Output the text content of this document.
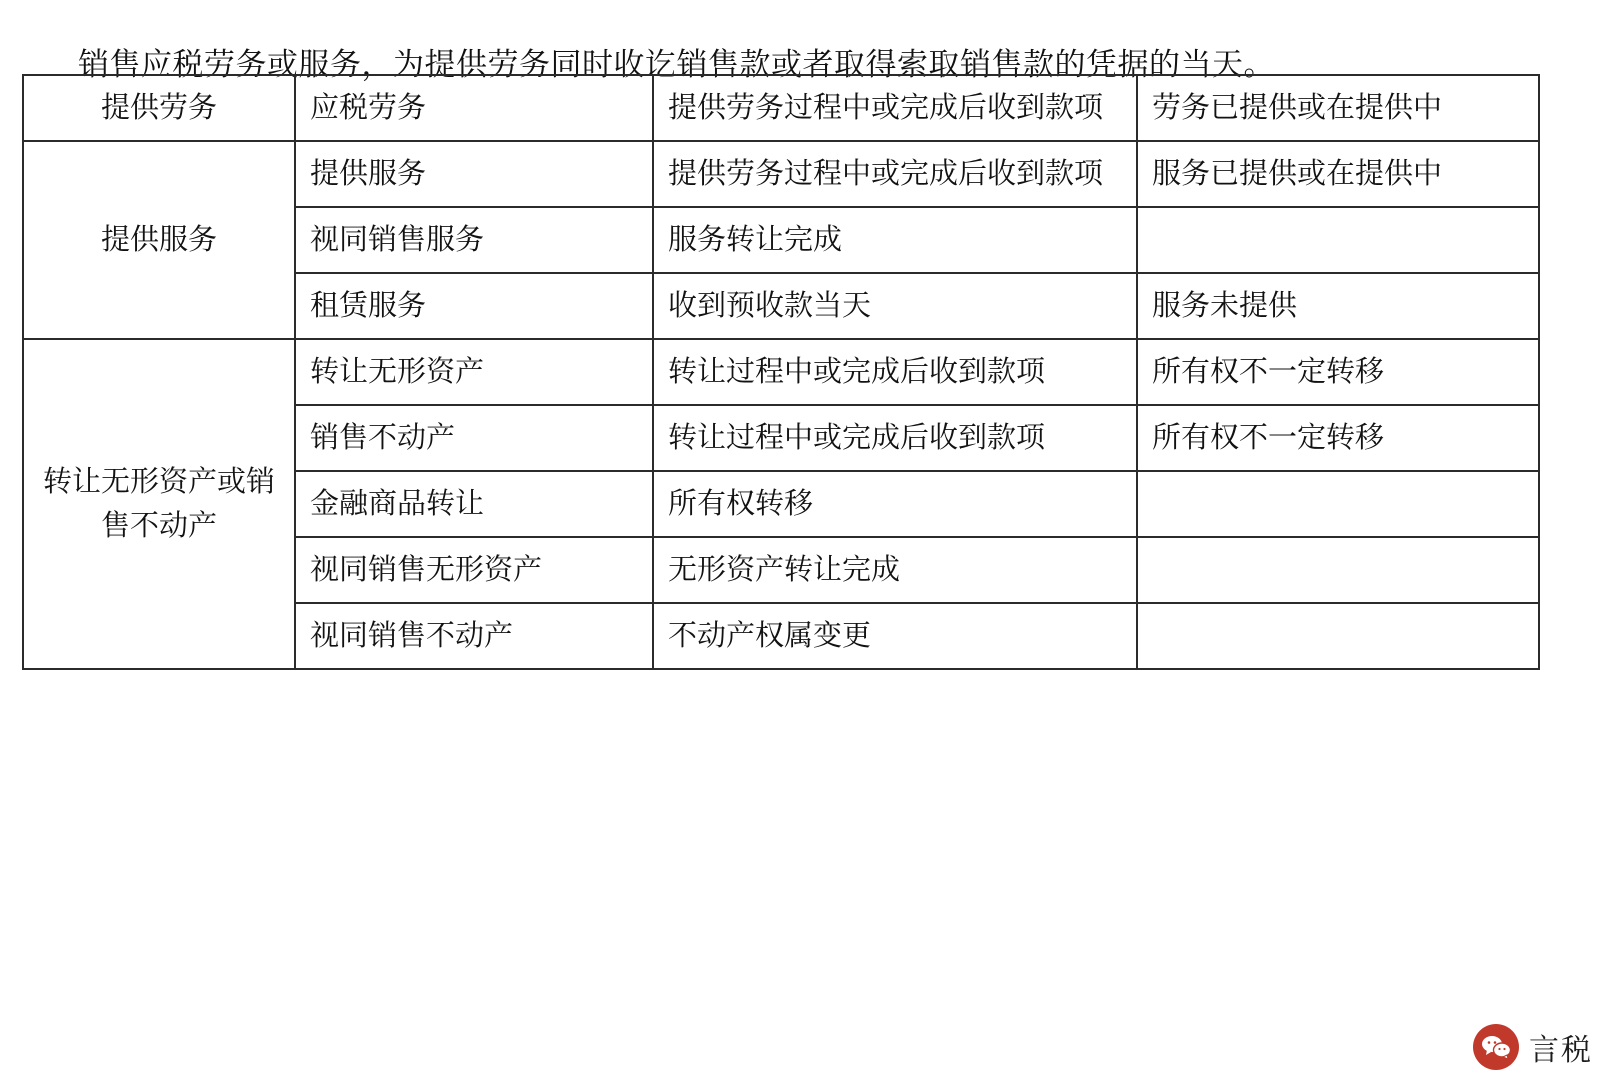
销售应税劳务或服务，为提供劳务同时收讫销售款或者取得索取销售款的凭据的当天。

提供劳务	应税劳务	提供劳务过程中或完成后收到款项	劳务已提供或在提供中

提供服务	提供服务	提供劳务过程中或完成后收到款项	服务已提供或在提供中

	视同销售服务	服务转让完成	

	租赁服务	收到预收款当天	服务未提供

转让无形资产或销售不动产	转让无形资产	转让过程中或完成后收到款项	所有权不一定转移

	销售不动产	转让过程中或完成后收到款项	所有权不一定转移

	金融商品转让	所有权转移	

	视同销售无形资产	无形资产转让完成	

	视同销售不动产	不动产权属变更	

言税
